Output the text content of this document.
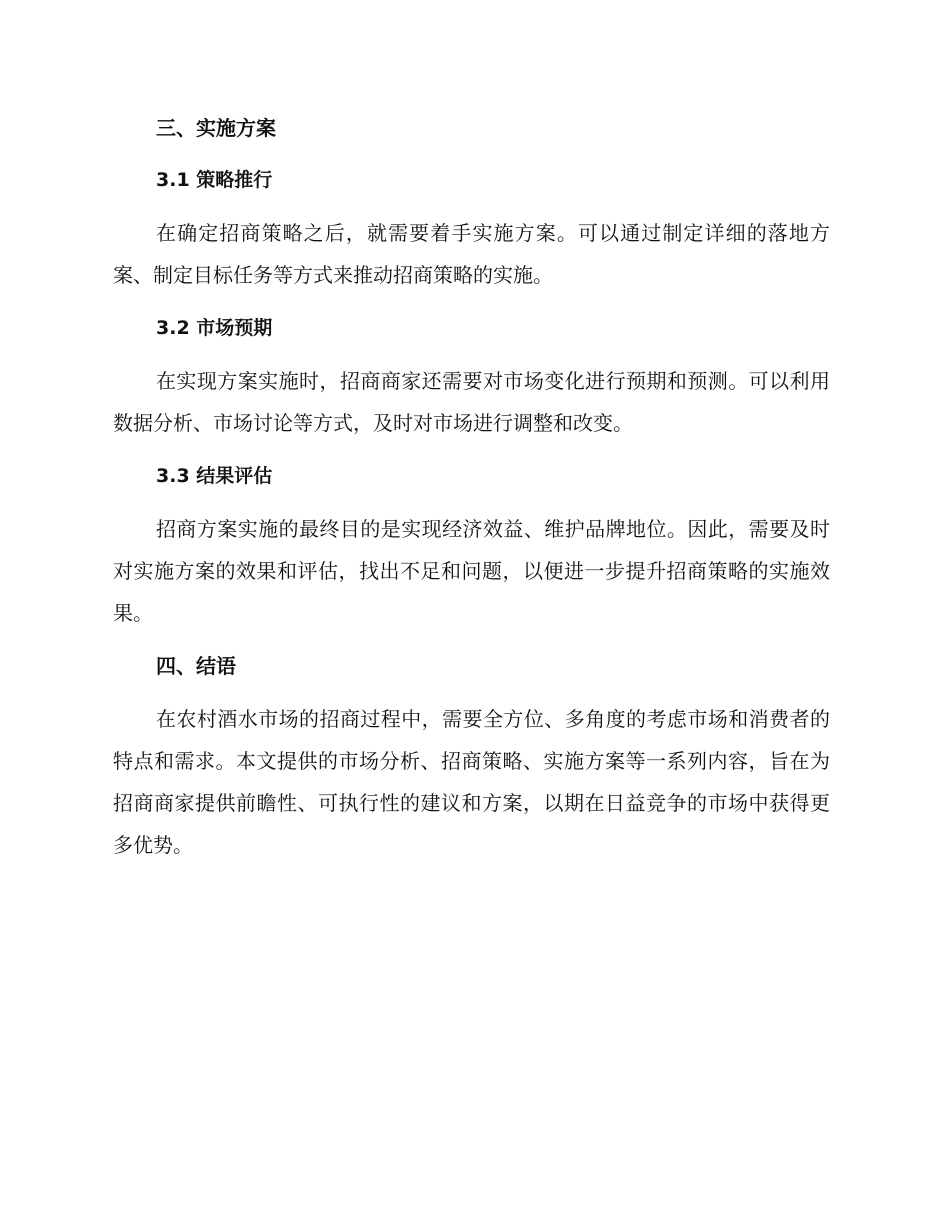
三、实施方案
3.1 策略推行

在确定招商策略之后，就需要着手实施方案。可以通过制定详细的落地方案、制定目标任务等方式来推动招商策略的实施。

3.2 市场预期

在实现方案实施时，招商商家还需要对市场变化进行预期和预测。可以利用数据分析、市场讨论等方式，及时对市场进行调整和改变。

3.3 结果评估

招商方案实施的最终目的是实现经济效益、维护品牌地位。因此，需要及时对实施方案的效果和评估，找出不足和问题，以便进一步提升招商策略的实施效果。

四、结语

在农村酒水市场的招商过程中，需要全方位、多角度的考虑市场和消费者的特点和需求。本文提供的市场分析、招商策略、实施方案等一系列内容，旨在为招商商家提供前瞻性、可执行性的建议和方案，以期在日益竞争的市场中获得更多优势。
